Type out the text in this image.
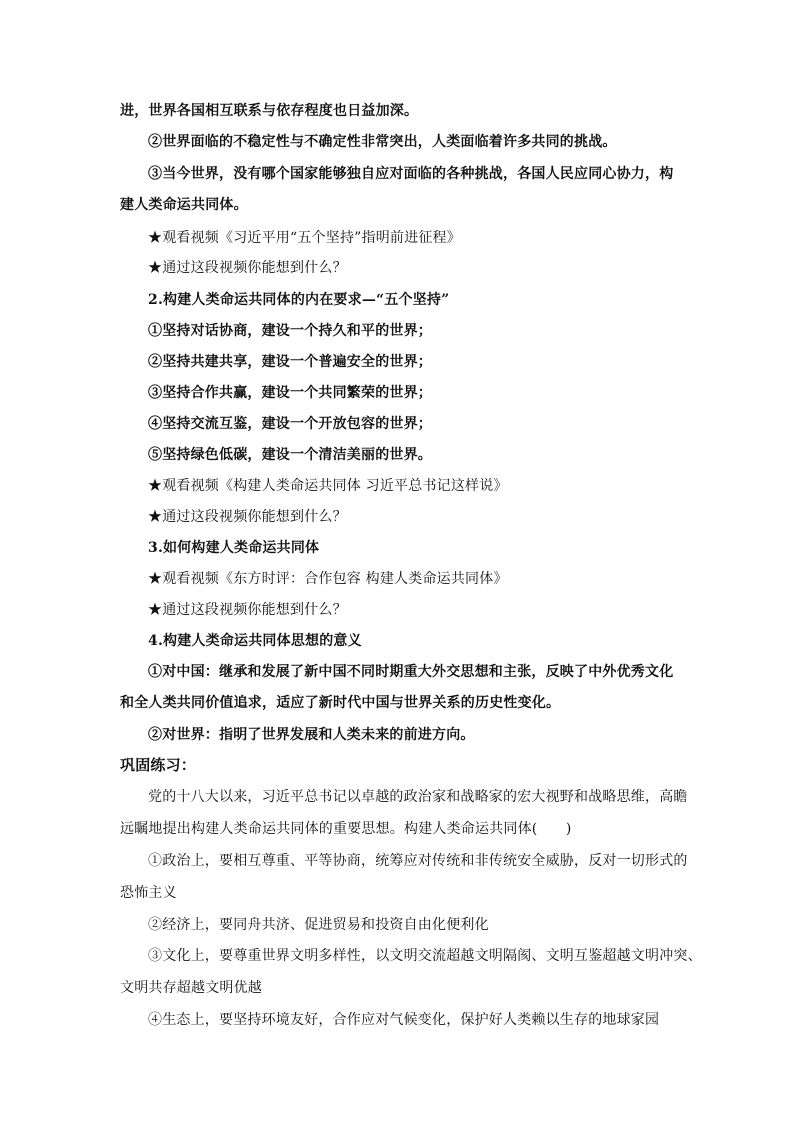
进，世界各国相互联系与依存程度也日益加深。
②世界面临的不稳定性与不确定性非常突出，人类面临着许多共同的挑战。
③当今世界，没有哪个国家能够独自应对面临的各种挑战，各国人民应同心协力，构
建人类命运共同体。
★观看视频《习近平用“五个坚持”指明前进征程》
★通过这段视频你能想到什么？
2.构建人类命运共同体的内在要求—“五个坚持”
①坚持对话协商，建设一个持久和平的世界；
②坚持共建共享，建设一个普遍安全的世界；
③坚持合作共赢，建设一个共同繁荣的世界；
④坚持交流互鉴，建设一个开放包容的世界；
⑤坚持绿色低碳，建设一个清洁美丽的世界。
★观看视频《构建人类命运共同体 习近平总书记这样说》
★通过这段视频你能想到什么？
3.如何构建人类命运共同体
★观看视频《东方时评：合作包容 构建人类命运共同体》
★通过这段视频你能想到什么？
4.构建人类命运共同体思想的意义
①对中国：继承和发展了新中国不同时期重大外交思想和主张，反映了中外优秀文化
和全人类共同价值追求，适应了新时代中国与世界关系的历史性变化。
②对世界：指明了世界发展和人类未来的前进方向。
巩固练习：
党的十八大以来，习近平总书记以卓越的政治家和战略家的宏大视野和战略思维，高瞻
远瞩地提出构建人类命运共同体的重要思想。构建人类命运共同体(　　)
①政治上，要相互尊重、平等协商，统筹应对传统和非传统安全威胁，反对一切形式的
恐怖主义
②经济上，要同舟共济、促进贸易和投资自由化便利化
③文化上，要尊重世界文明多样性，以文明交流超越文明隔阂、文明互鉴超越文明冲突、
文明共存超越文明优越
④生态上，要坚持环境友好，合作应对气候变化，保护好人类赖以生存的地球家园
